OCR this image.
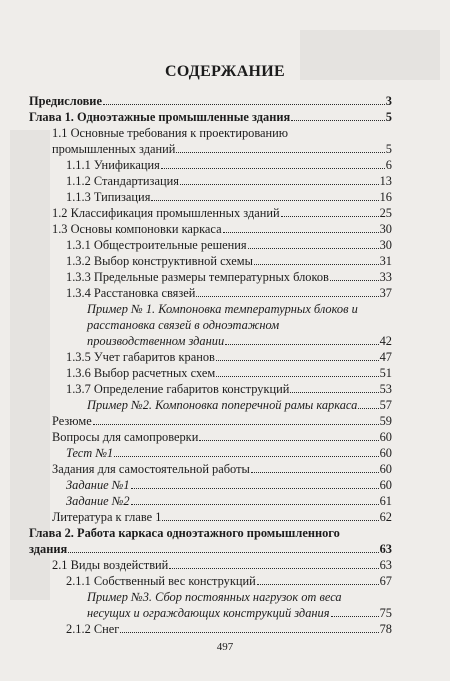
СОДЕРЖАНИЕ
Предисловие	3
Глава 1. Одноэтажные промышленные здания	5
1.1 Основные требования к проектированию
промышленных зданий	5
1.1.1 Унификация	6
1.1.2 Стандартизация	13
1.1.3 Типизация	16
1.2 Классификация промышленных зданий	25
1.3 Основы компоновки каркаса	30
1.3.1 Общестроительные решения	30
1.3.2 Выбор конструктивной схемы	31
1.3.3 Предельные размеры температурных блоков	33
1.3.4 Расстановка связей	37
Пример № 1. Компоновка температурных блоков и
расстановка связей в одноэтажном
производственном здании	42
1.3.5 Учет габаритов кранов	47
1.3.6 Выбор расчетных схем	51
1.3.7 Определение габаритов конструкций	53
Пример №2. Компоновка поперечной рамы каркаса 57
Резюме	59
Вопросы для самопроверки	60
Тест №1	60
Задания для самостоятельной работы	60
Задание №1	60
Задание №2	61
Литература к главе 1	62
Глава 2. Работа каркаса одноэтажного промышленного
здания	63
2.1 Виды воздействий	63
2.1.1 Собственный вес конструкций	67
Пример №3. Сбор постоянных нагрузок от веса
несущих и ограждающих конструкций здания	75
2.1.2 Снег	78
497
